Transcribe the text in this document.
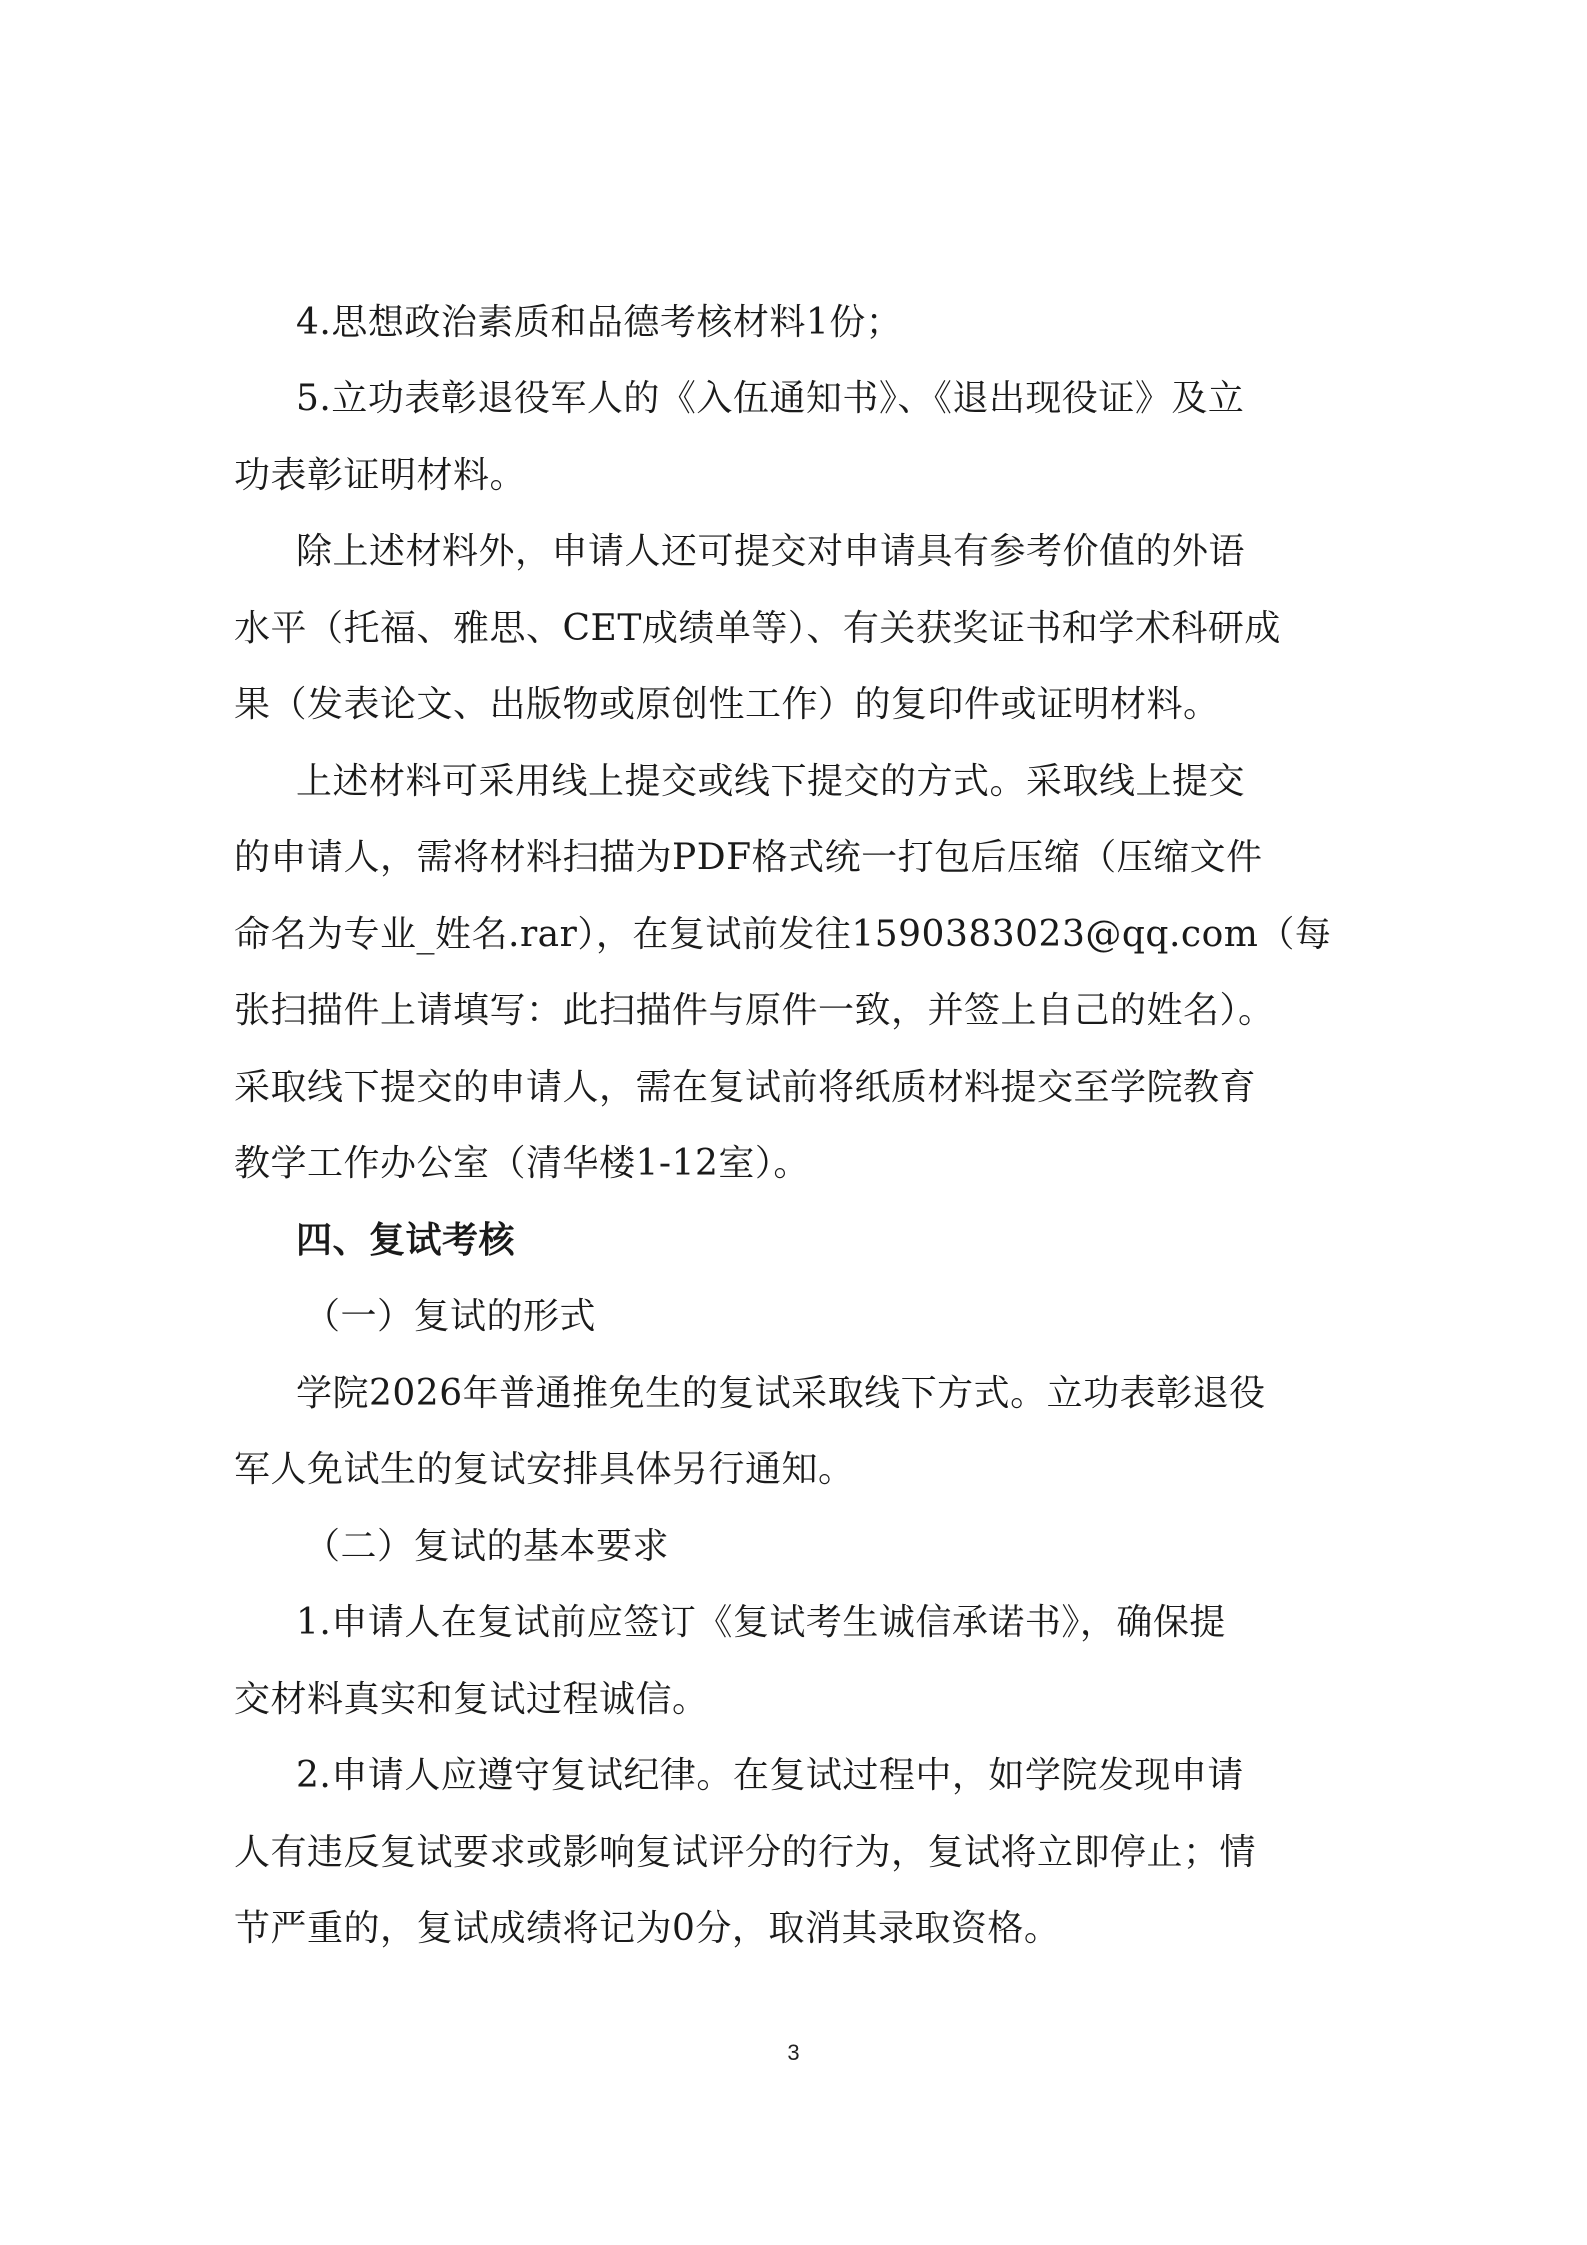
4.思想政治素质和品德考核材料1份；
5.立功表彰退役军人的《入伍通知书》、《退出现役证》及立
功表彰证明材料。
除上述材料外，申请人还可提交对申请具有参考价值的外语
水平（托福、雅思、CET成绩单等）、有关获奖证书和学术科研成
果（发表论文、出版物或原创性工作）的复印件或证明材料。
上述材料可采用线上提交或线下提交的方式。采取线上提交
的申请人，需将材料扫描为PDF格式统一打包后压缩（压缩文件
命名为专业_姓名.rar），在复试前发往1590383023@qq.com（每
张扫描件上请填写：此扫描件与原件一致，并签上自己的姓名）。
采取线下提交的申请人，需在复试前将纸质材料提交至学院教育
教学工作办公室（清华楼1-12室）。
四、复试考核
（一）复试的形式
学院2026年普通推免生的复试采取线下方式。立功表彰退役
军人免试生的复试安排具体另行通知。
（二）复试的基本要求
1.申请人在复试前应签订《复试考生诚信承诺书》，确保提
交材料真实和复试过程诚信。
2.申请人应遵守复试纪律。在复试过程中，如学院发现申请
人有违反复试要求或影响复试评分的行为，复试将立即停止；情
节严重的，复试成绩将记为0分，取消其录取资格。
3
